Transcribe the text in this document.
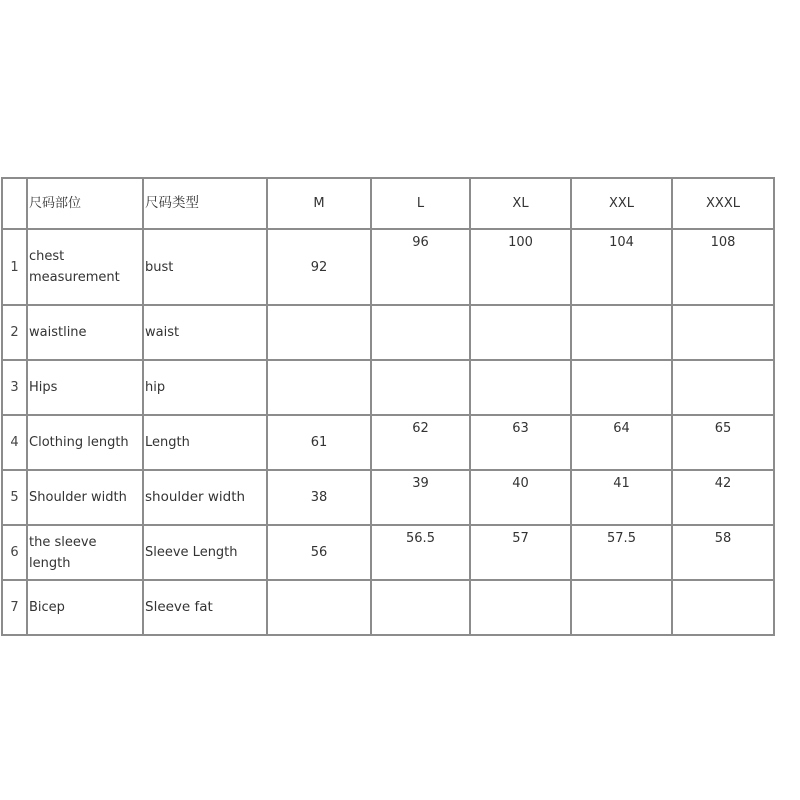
	尺码部位	尺码类型	M	L	XL	XXL	XXXL
1	chest measurement	bust	92	96	100	104	108
2	waistline	waist					
3	Hips	hip					
4	Clothing length	Length	61	62	63	64	65
5	Shoulder width	shoulder width	38	39	40	41	42
6	the sleeve length	Sleeve Length	56	56.5	57	57.5	58
7	Bicep	Sleeve fat					
